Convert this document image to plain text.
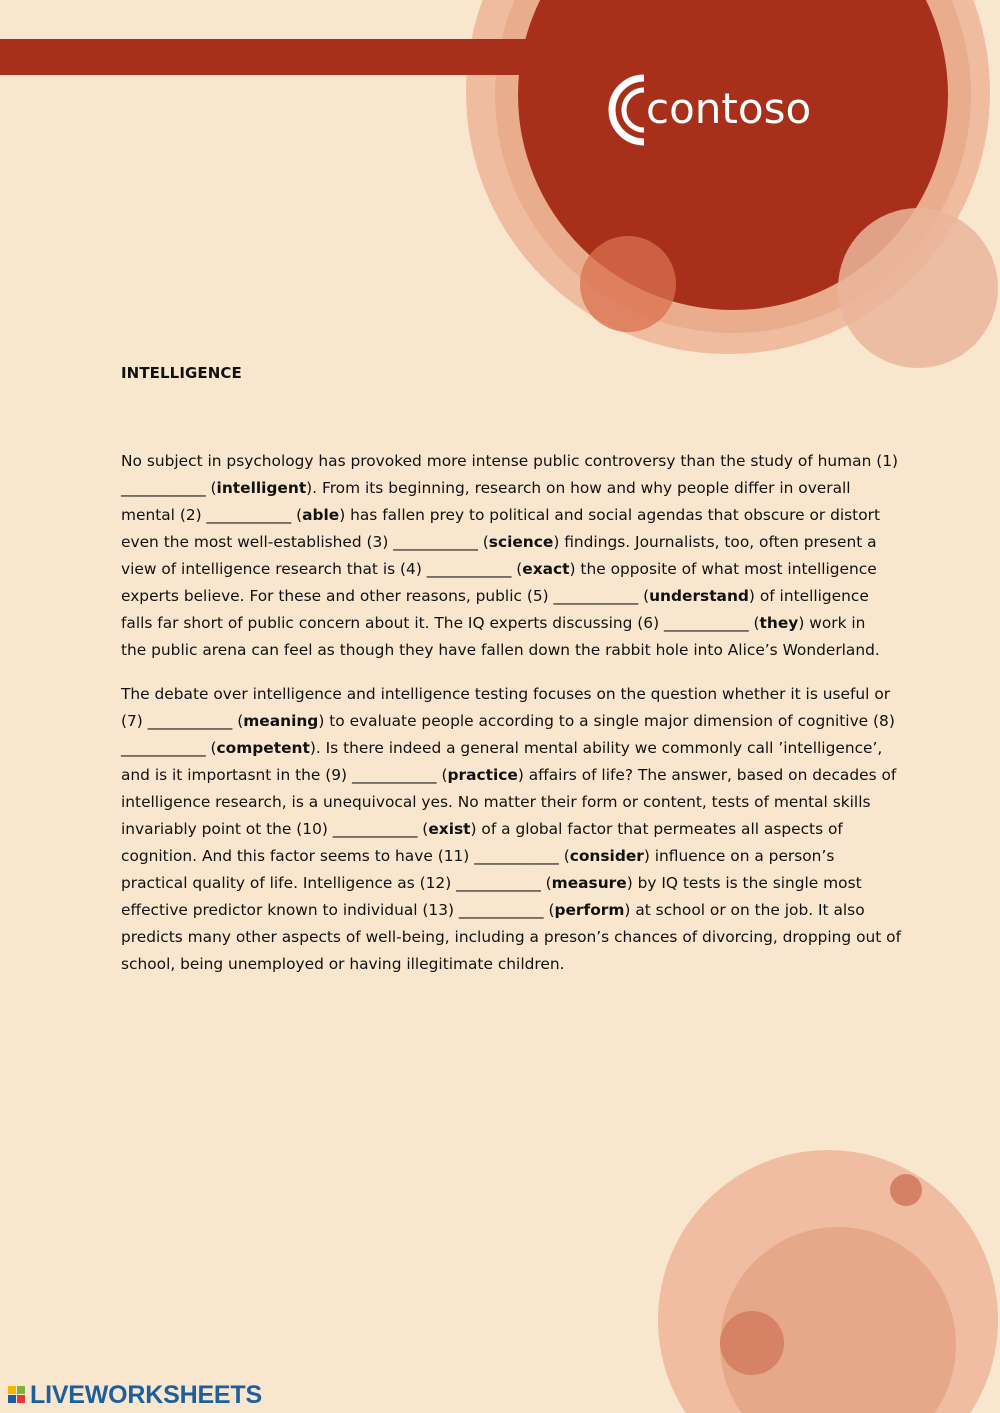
contoso
INTELLIGENCE
No subject in psychology has provoked more intense public controversy than the study of human (1)
___________ (intelligent). From its beginning, research on how and why people differ in overall
mental (2) ___________ (able) has fallen prey to political and social agendas that obscure or distort
even the most well-established (3) ___________ (science) findings. Journalists, too, often present a
view of intelligence research that is (4) ___________ (exact) the opposite of what most intelligence
experts believe. For these and other reasons, public (5) ___________ (understand) of intelligence
falls far short of public concern about it. The IQ experts discussing (6) ___________ (they) work in
the public arena can feel as though they have fallen down the rabbit hole into Alice’s Wonderland.
The debate over intelligence and intelligence testing focuses on the question whether it is useful or
(7) ___________ (meaning) to evaluate people according to a single major dimension of cognitive (8)
___________ (competent). Is there indeed a general mental ability we commonly call ’intelligence’,
and is it importasnt in the (9) ___________ (practice) affairs of life? The answer, based on decades of
intelligence research, is a unequivocal yes. No matter their form or content, tests of mental skills
invariably point ot the (10) ___________ (exist) of a global factor that permeates all aspects of
cognition. And this factor seems to have (11) ___________ (consider) influence on a person’s
practical quality of life. Intelligence as (12) ___________ (measure) by IQ tests is the single most
effective predictor known to individual (13) ___________ (perform) at school or on the job. It also
predicts many other aspects of well-being, including a preson’s chances of divorcing, dropping out of
school, being unemployed or having illegitimate children.
LIVEWORKSHEETS
